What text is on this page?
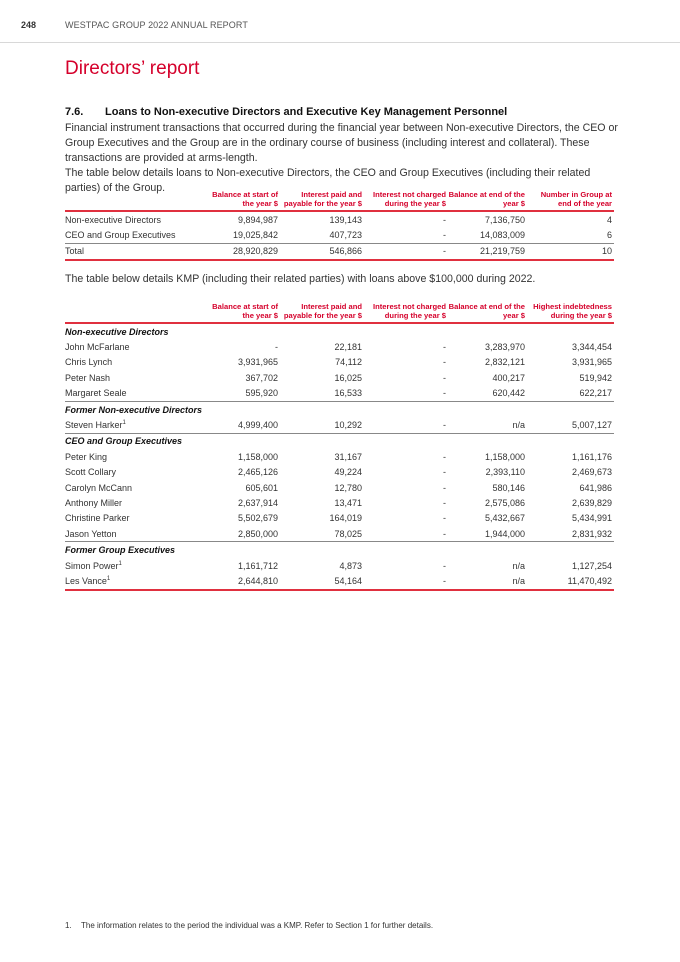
248	WESTPAC GROUP 2022 ANNUAL REPORT
Directors’ report
7.6. Loans to Non-executive Directors and Executive Key Management Personnel
Financial instrument transactions that occurred during the financial year between Non-executive Directors, the CEO or Group Executives and the Group are in the ordinary course of business (including interest and collateral). These transactions are provided at arms-length.
The table below details loans to Non-executive Directors, the CEO and Group Executives (including their related parties) of the Group.
	Balance at start of the year $	Interest paid and payable for the year $	Interest not charged during the year $	Balance at end of the year $	Number in Group at end of the year
Non-executive Directors	9,894,987	139,143	-	7,136,750	4
CEO and Group Executives	19,025,842	407,723	-	14,083,009	6
Total	28,920,829	546,866	-	21,219,759	10
The table below details KMP (including their related parties) with loans above $100,000 during 2022.
	Balance at start of the year $	Interest paid and payable for the year $	Interest not charged during the year $	Balance at end of the year $	Highest indebtedness during the year $
Non-executive Directors					
John McFarlane	-	22,181	-	3,283,970	3,344,454
Chris Lynch	3,931,965	74,112	-	2,832,121	3,931,965
Peter Nash	367,702	16,025	-	400,217	519,942
Margaret Seale	595,920	16,533	-	620,442	622,217
Former Non-executive Directors					
Steven Harker$^1$	4,999,400	10,292	-	n/a	5,007,127
CEO and Group Executives					
Peter King	1,158,000	31,167	-	1,158,000	1,161,176
Scott Collary	2,465,126	49,224	-	2,393,110	2,469,673
Carolyn McCann	605,601	12,780	-	580,146	641,986
Anthony Miller	2,637,914	13,471	-	2,575,086	2,639,829
Christine Parker	5,502,679	164,019	-	5,432,667	5,434,991
Jason Yetton	2,850,000	78,025	-	1,944,000	2,831,932
Former Group Executives					
Simon Power$^1$	1,161,712	4,873	-	n/a	1,127,254
Les Vance$^1$	2,644,810	54,164	-	n/a	11,470,492
1. The information relates to the period the individual was a KMP. Refer to Section 1 for further details.
